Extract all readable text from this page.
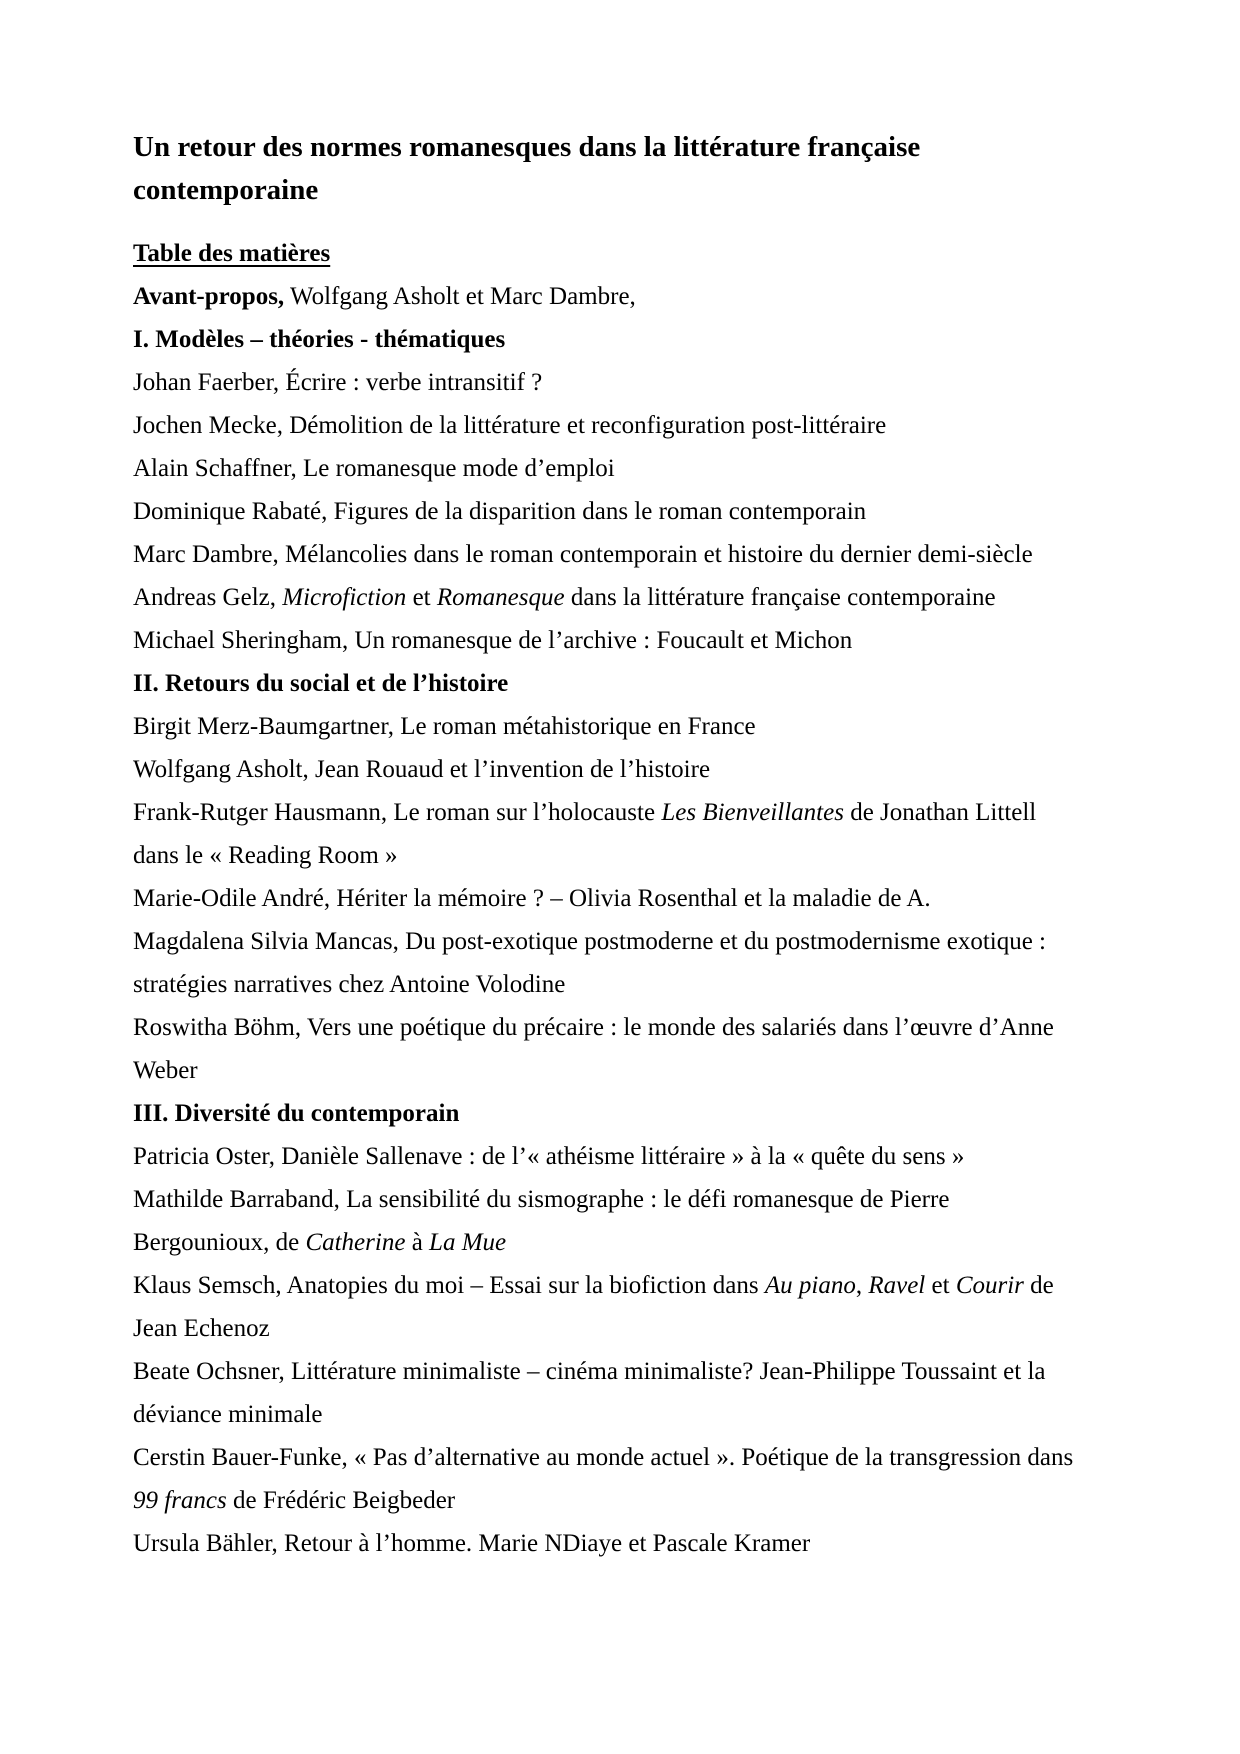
Un retour des normes romanesques dans la littérature française

contemporaine

Table des matières

Avant-propos, Wolfgang Asholt et Marc Dambre,

I. Modèles – théories - thématiques

Johan Faerber, Écrire : verbe intransitif ?

Jochen Mecke, Démolition de la littérature et reconfiguration post-littéraire

Alain Schaffner, Le romanesque mode d’emploi

Dominique Rabaté, Figures de la disparition dans le roman contemporain

Marc Dambre, Mélancolies dans le roman contemporain et histoire du dernier demi-siècle

Andreas Gelz, Microfiction et Romanesque dans la littérature française contemporaine

Michael Sheringham, Un romanesque de l’archive : Foucault et Michon

II. Retours du social et de l’histoire

Birgit Merz-Baumgartner, Le roman métahistorique en France

Wolfgang Asholt, Jean Rouaud et l’invention de l’histoire

Frank-Rutger Hausmann, Le roman sur l’holocauste Les Bienveillantes de Jonathan Littell

dans le « Reading Room »

Marie-Odile André, Hériter la mémoire ? – Olivia Rosenthal et la maladie de A.

Magdalena Silvia Mancas, Du post-exotique postmoderne et du postmodernisme exotique :

stratégies narratives chez Antoine Volodine

Roswitha Böhm, Vers une poétique du précaire : le monde des salariés dans l’œuvre d’Anne

Weber

III. Diversité du contemporain

Patricia Oster, Danièle Sallenave : de l’« athéisme littéraire » à la « quête du sens »

Mathilde Barraband, La sensibilité du sismographe : le défi romanesque de Pierre

Bergounioux, de Catherine à La Mue

Klaus Semsch, Anatopies du moi – Essai sur la biofiction dans Au piano, Ravel et Courir de

Jean Echenoz

Beate Ochsner, Littérature minimaliste – cinéma minimaliste? Jean-Philippe Toussaint et la

déviance minimale

Cerstin Bauer-Funke, « Pas d’alternative au monde actuel ». Poétique de la transgression dans

99 francs de Frédéric Beigbeder

Ursula Bähler, Retour à l’homme. Marie NDiaye et Pascale Kramer
